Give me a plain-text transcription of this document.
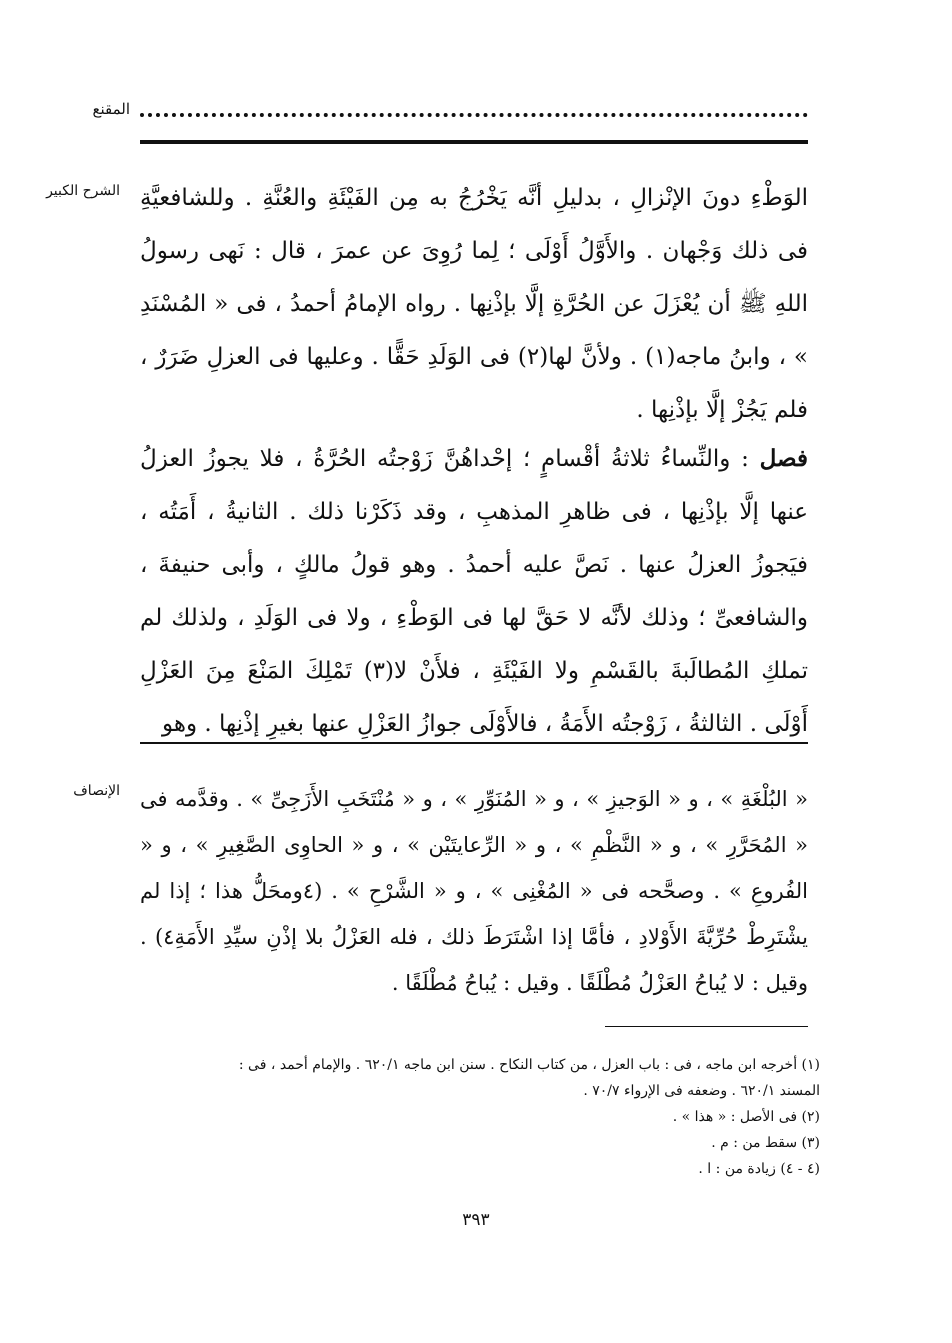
المقنع
الشرح الكبير الوَطْءِ دونَ الإنْزالِ ، بدليلِ أنَّه يَخْرُجُ به مِن الفَيْئَةِ والعُنَّةِ . وللشافعيَّةِ فى ذلك وَجْهان . والأَوَّلُ أَوْلَى ؛ لِما رُوِىَ عن عمرَ ، قال : نَهى رسولُ اللهِ ﷺ أن يُعْزَلَ عن الحُرَّةِ إلَّا بإذْنِها . رواه الإمامُ أحمدُ ، فى « المُسْنَدِ » ، وابنُ ماجه(١) . ولأنَّ لها(٢) فى الوَلَدِ حَقًّا . وعليها فى العزلِ ضَرَرٌ ، فلم يَجُزْ إلَّا بإذْنِها .

فصل : والنِّساءُ ثلاثةُ أقْسامٍ ؛ إحْداهُنَّ زَوْجتُه الحُرَّةُ ، فلا يجوزُ العزلُ عنها إلَّا بإذْنِها ، فى ظاهرِ المذهبِ ، وقد ذَكَرْنا ذلك . الثانيةُ ، أَمَتُه ، فيَجوزُ العزلُ عنها . نَصَّ عليه أحمدُ . وهو قولُ مالكٍ ، وأبى حنيفةَ ، والشافعىِّ ؛ وذلك لأنَّه لا حَقَّ لها فى الوَطْءِ ، ولا فى الوَلَدِ ، ولذلك لم تملكِ المُطالَبةَ بالقَسْمِ ولا الفَيْئَةِ ، فلأَنْ لا(٣) تَمْلِكَ المَنْعَ مِنَ العَزْلِ أَوْلَى . الثالثةُ ، زَوْجتُه الأَمَةُ ، فالأَوْلَى جوازُ العَزْلِ عنها بغيرِ إذْنِها . وهو

الإنصاف « البُلْغَةِ » ، و « الوَجيزِ » ، و « المُنَوِّرِ » ، و « مُنْتَخَبِ الأَزَجِىِّ » . وقدَّمه فى « المُحَرَّرِ » ، و « النَّظْمِ » ، و « الرِّعايتَيْن » ، و « الحاوِى الصَّغِيرِ » ، و « الفُروعِ » . وصحَّحه فى « المُغْنِى » ، و « الشَّرْحِ » . (٤ومحَلُّ هذا ؛ إذا لم يشْتَرِطْ حُرِّيَّةَ الأَوْلادِ ، فأمَّا إذا اشْتَرَطَ ذلك ، فله العَزْلُ بلا إذْنِ سيِّدِ الأَمَةِ٤) . وقيل : لا يُباحُ العَزْلُ مُطْلَقًا . وقيل : يُباحُ مُطْلَقًا .

(١) أخرجه ابن ماجه ، فى : باب العزل ، من كتاب النكاح . سنن ابن ماجه ٦٢٠/١ . والإمام أحمد ، فى :

المسند ٦٢٠/١ . وضعفه فى الإرواء ٧٠/٧ .

(٢) فى الأصل : « هذا » .

(٣) سقط من : م .

(٤ - ٤) زيادة من : ا .

٣٩٣
